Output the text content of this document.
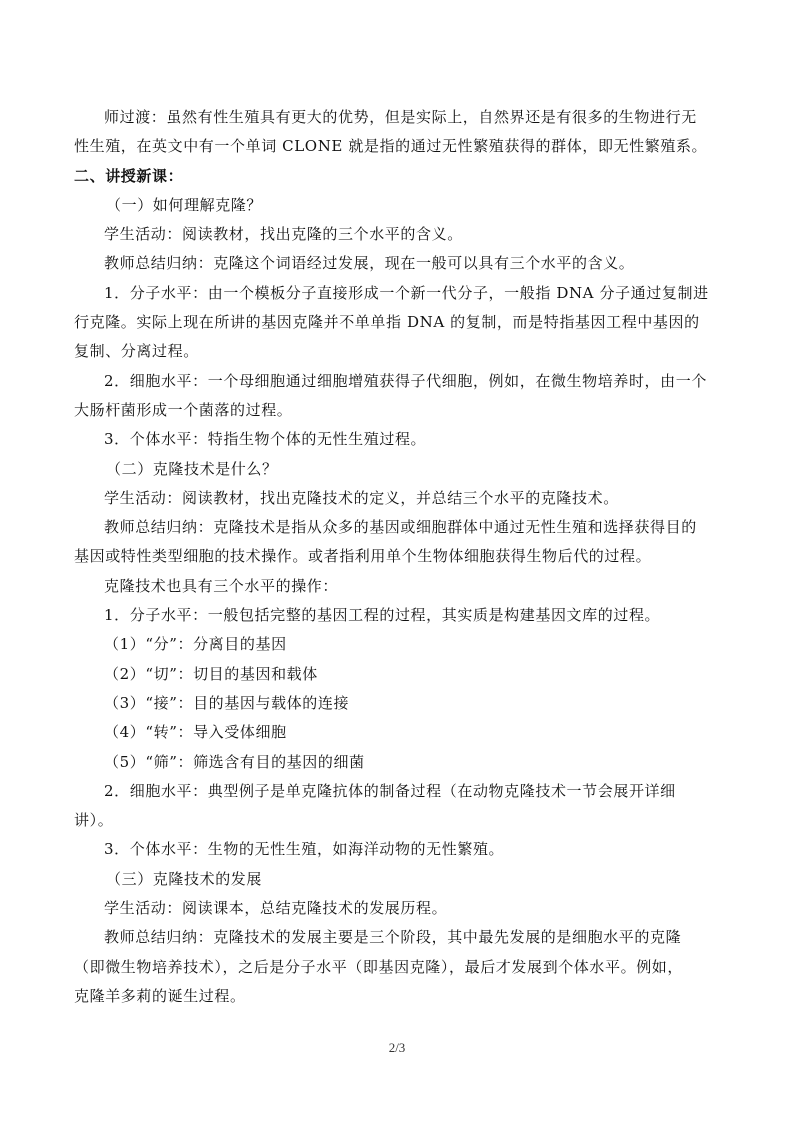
师过渡：虽然有性生殖具有更大的优势，但是实际上，自然界还是有很多的生物进行无
性生殖，在英文中有一个单词 CLONE 就是指的通过无性繁殖获得的群体，即无性繁殖系。
二、讲授新课：
（一）如何理解克隆？
学生活动：阅读教材，找出克隆的三个水平的含义。
教师总结归纳：克隆这个词语经过发展，现在一般可以具有三个水平的含义。
1．分子水平：由一个模板分子直接形成一个新一代分子，一般指 DNA 分子通过复制进
行克隆。实际上现在所讲的基因克隆并不单单指 DNA 的复制，而是特指基因工程中基因的
复制、分离过程。
2．细胞水平：一个母细胞通过细胞增殖获得子代细胞，例如，在微生物培养时，由一个
大肠杆菌形成一个菌落的过程。
3．个体水平：特指生物个体的无性生殖过程。
（二）克隆技术是什么？
学生活动：阅读教材，找出克隆技术的定义，并总结三个水平的克隆技术。
教师总结归纳：克隆技术是指从众多的基因或细胞群体中通过无性生殖和选择获得目的
基因或特性类型细胞的技术操作。或者指利用单个生物体细胞获得生物后代的过程。
克隆技术也具有三个水平的操作：
1．分子水平：一般包括完整的基因工程的过程，其实质是构建基因文库的过程。
（1）“分”：分离目的基因
（2）“切”：切目的基因和载体
（3）“接”：目的基因与载体的连接
（4）“转”：导入受体细胞
（5）“筛”：筛选含有目的基因的细菌
2．细胞水平：典型例子是单克隆抗体的制备过程（在动物克隆技术一节会展开详细
讲）。
3．个体水平：生物的无性生殖，如海洋动物的无性繁殖。
（三）克隆技术的发展
学生活动：阅读课本，总结克隆技术的发展历程。
教师总结归纳：克隆技术的发展主要是三个阶段，其中最先发展的是细胞水平的克隆
（即微生物培养技术），之后是分子水平（即基因克隆），最后才发展到个体水平。例如，
克隆羊多莉的诞生过程。
2/3
